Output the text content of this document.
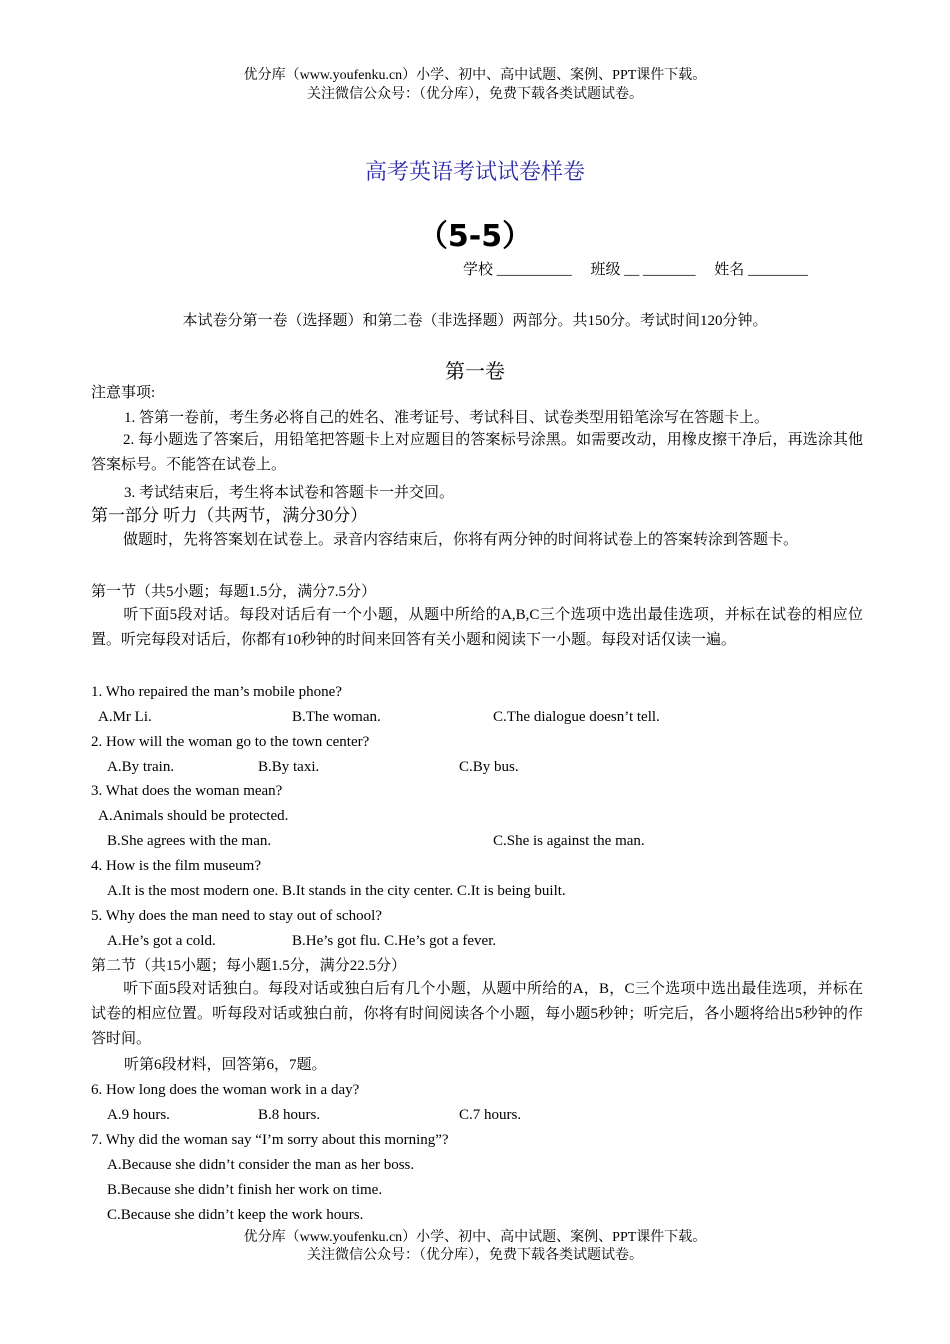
优分库（www.youfenku.cn）小学、初中、高中试题、案例、PPT课件下载。
关注微信公众号：（优分库），免费下载各类试题试卷。
高考英语考试试卷样卷
（5-5）
学校 __________ 班级 __ _______ 姓名 ________
本试卷分第一卷（选择题）和第二卷（非选择题）两部分。共150分。考试时间120分钟。
第一卷
注意事项:
1. 答第一卷前，考生务必将自己的姓名、准考证号、考试科目、试卷类型用铅笔涂写在答题卡上。
2. 每小题选了答案后，用铅笔把答题卡上对应题目的答案标号涂黑。如需要改动，用橡皮擦干净后，再选涂其他答案标号。不能答在试卷上。
3. 考试结束后，考生将本试卷和答题卡一并交回。
第一部分 听力（共两节，满分30分）
做题时，先将答案划在试卷上。录音内容结束后，你将有两分钟的时间将试卷上的答案转涂到答题卡。
第一节（共5小题；每题1.5分，满分7.5分）
听下面5段对话。每段对话后有一个小题，从题中所给的A,B,C三个选项中选出最佳选项，并标在试卷的相应位置。听完每段对话后，你都有10秒钟的时间来回答有关小题和阅读下一小题。每段对话仅读一遍。
1. Who repaired the man’s mobile phone?
A.Mr Li.	B.The woman.	C.The dialogue doesn’t tell.
2. How will the woman go to the town center?
A.By train.	B.By taxi.	C.By bus.
3. What does the woman mean?
A.Animals should be protected.
B.She agrees with the man.	C.She is against the man.
4. How is the film museum?
A.It is the most modern one. B.It stands in the city center. C.It is being built.
5. Why does the man need to stay out of school?
A.He’s got a cold.	B.He’s got flu. C.He’s got a fever.
第二节（共15小题；每小题1.5分，满分22.5分）
听下面5段对话独白。每段对话或独白后有几个小题，从题中所给的A，B，C三个选项中选出最佳选项，并标在试卷的相应位置。听每段对话或独白前，你将有时间阅读各个小题，每小题5秒钟；听完后，各小题将给出5秒钟的作答时间。
听第6段材料，回答第6，7题。
6. How long does the woman work in a day?
A.9 hours.	B.8 hours.	C.7 hours.
7. Why did the woman say “I’m sorry about this morning”?
A.Because she didn’t consider the man as her boss.
B.Because she didn’t finish her work on time.
C.Because she didn’t keep the work hours.
优分库（www.youfenku.cn）小学、初中、高中试题、案例、PPT课件下载。
关注微信公众号：（优分库），免费下载各类试题试卷。
